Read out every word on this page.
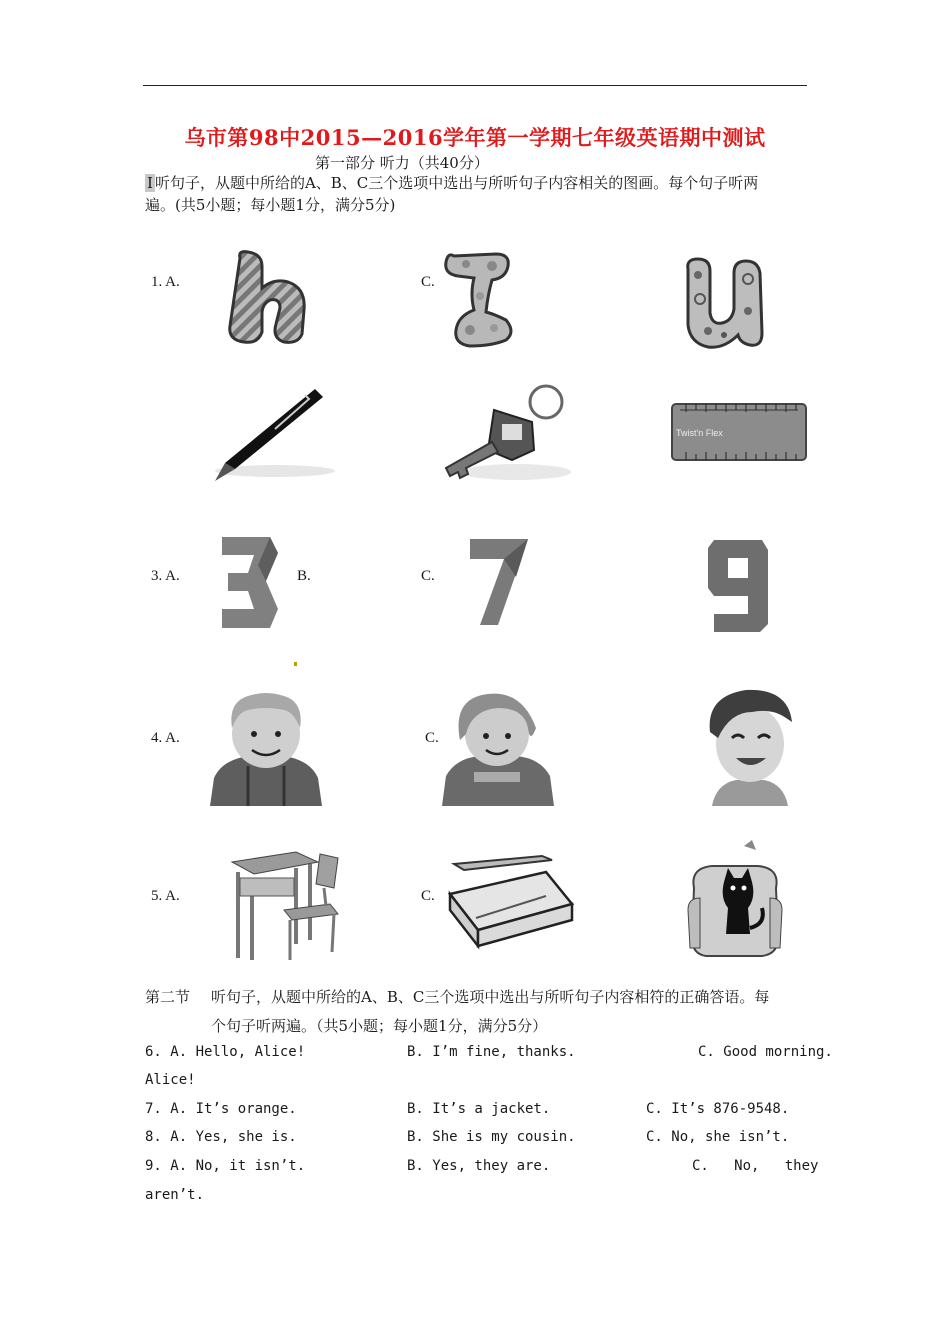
乌市第98中2015—2016学年第一学期七年级英语期中测试
第一部分 听力（共40分）
I 听句子，从题中所给的A、B、C三个选项中选出与所听句子内容相关的图画。每个句子听两
遍。(共5小题；每小题1分，满分5分)
1. A.	C.
3. A.	B.	C.
4. A.	C.
5. A.	C.
Twist'n Flex
第二节 听句子，从题中所给的A、B、C三个选项中选出与所听句子内容相符的正确答语。每
个句子听两遍。（共5小题；每小题1分，满分5分）
6. A. Hello, Alice!	B. I’m fine, thanks.	C. Good morning.
Alice!
7. A. It’s orange.	B. It’s a jacket.	C. It’s 876-9548.
8. A. Yes, she is.	B. She is my cousin.	C. No, she isn’t.
9. A. No, it isn’t.	B. Yes, they are.	C.   No,   they
aren’t.
